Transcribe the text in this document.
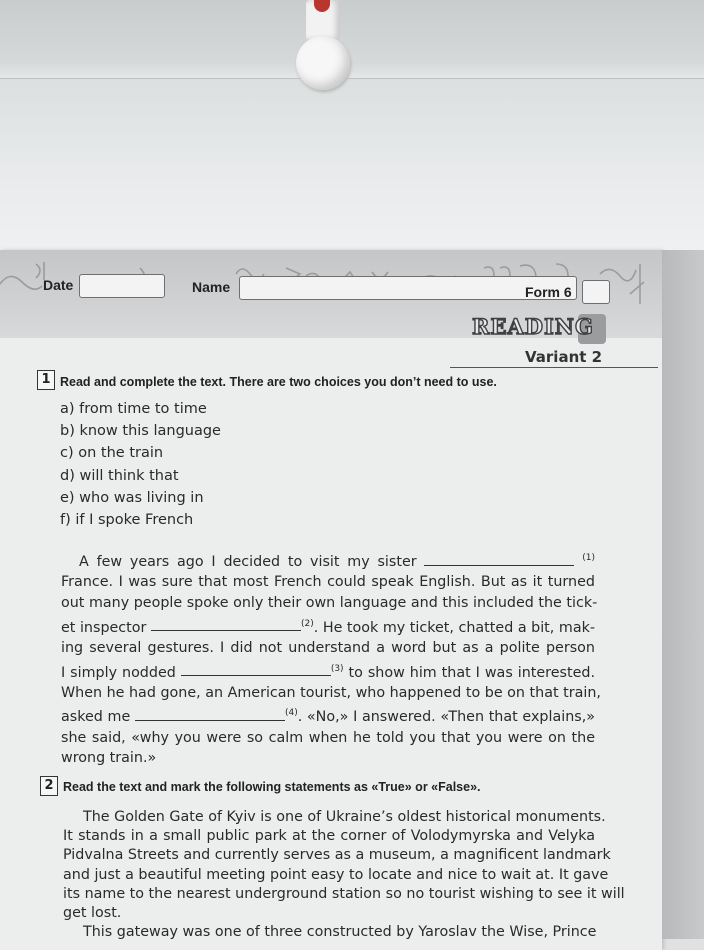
Date	Name	Form 6
READING
Variant 2
1 Read and complete the text. There are two choices you don’t need to use.
a) from time to time
b) know this language
c) on the train
d) will think that
e) who was living in
f) if I spoke French
A few years ago I decided to visit my sister	$^{(1)}$
France. I was sure that most French could speak English. But as it turned
out many people spoke only their own language and this included the tick-
et inspector	$^{(2)}$. He took my ticket, chatted a bit, mak-
ing several gestures. I did not understand a word but as a polite person
I simply nodded	$^{(3)}$ to show him that I was interested.
When he had gone, an American tourist, who happened to be on that train,
asked me	$^{(4)}$. «No,» I answered. «Then that explains,»
she said, «why you were so calm when he told you that you were on the
wrong train.»
2 Read the text and mark the following statements as «True» or «False».
The Golden Gate of Kyiv is one of Ukraine’s oldest historical monuments.
It stands in a small public park at the corner of Volodymyrska and Velyka
Pidvalna Streets and currently serves as a museum, a magnificent landmark
and just a beautiful meeting point easy to locate and nice to wait at. It gave
its name to the nearest underground station so no tourist wishing to see it will
get lost.
This gateway was one of three constructed by Yaroslav the Wise, Prince
